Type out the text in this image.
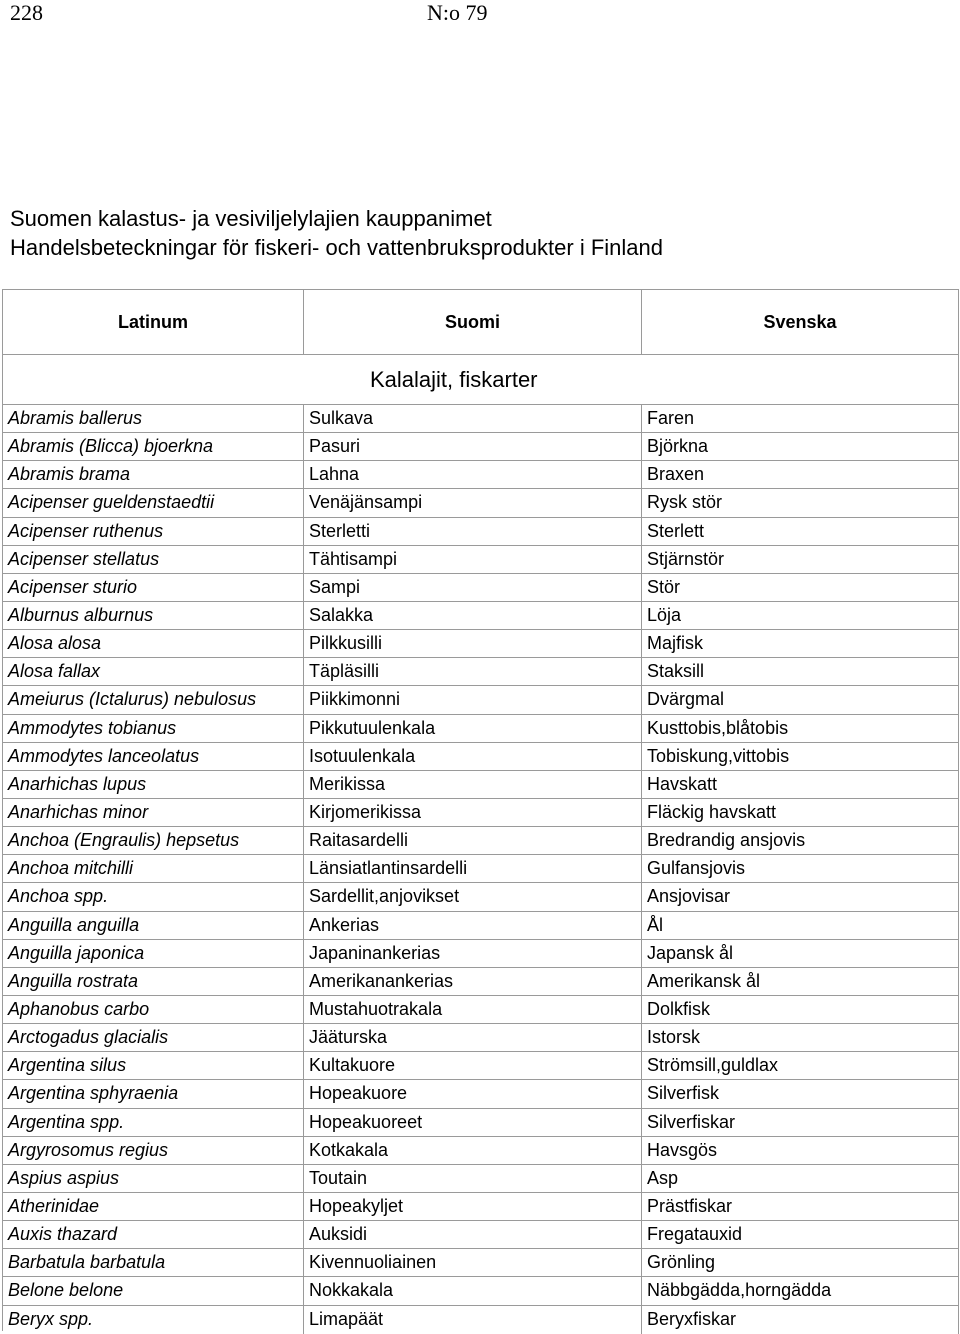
228	N:o 79
Suomen kalastus- ja vesiviljelylajien kauppanimet
Handelsbeteckningar för fiskeri- och vattenbruksprodukter i Finland
Latinum	Suomi	Svenska
Kalalajit, fiskarter
Abramis ballerus	Sulkava	Faren
Abramis (Blicca) bjoerkna	Pasuri	Björkna
Abramis brama	Lahna	Braxen
Acipenser gueldenstaedtii	Venäjänsampi	Rysk stör
Acipenser ruthenus	Sterletti	Sterlett
Acipenser stellatus	Tähtisampi	Stjärnstör
Acipenser sturio	Sampi	Stör
Alburnus alburnus	Salakka	Löja
Alosa alosa	Pilkkusilli	Majfisk
Alosa fallax	Täpläsilli	Staksill
Ameiurus (Ictalurus) nebulosus	Piikkimonni	Dvärgmal
Ammodytes tobianus	Pikkutuulenkala	Kusttobis,blåtobis
Ammodytes lanceolatus	Isotuulenkala	Tobiskung,vittobis
Anarhichas lupus	Merikissa	Havskatt
Anarhichas minor	Kirjomerikissa	Fläckig havskatt
Anchoa (Engraulis) hepsetus	Raitasardelli	Bredrandig ansjovis
Anchoa mitchilli	Länsiatlantinsardelli	Gulfansjovis
Anchoa spp.	Sardellit,anjovikset	Ansjovisar
Anguilla anguilla	Ankerias	Ål
Anguilla japonica	Japaninankerias	Japansk ål
Anguilla rostrata	Amerikanankerias	Amerikansk ål
Aphanobus carbo	Mustahuotrakala	Dolkfisk
Arctogadus glacialis	Jääturska	Istorsk
Argentina silus	Kultakuore	Strömsill,guldlax
Argentina sphyraenia	Hopeakuore	Silverfisk
Argentina spp.	Hopeakuoreet	Silverfiskar
Argyrosomus regius	Kotkakala	Havsgös
Aspius aspius	Toutain	Asp
Atherinidae	Hopeakyljet	Prästfiskar
Auxis thazard	Auksidi	Fregatauxid
Barbatula barbatula	Kivennuoliainen	Grönling
Belone belone	Nokkakala	Näbbgädda,horngädda
Beryx spp.	Limapäät	Beryxfiskar
